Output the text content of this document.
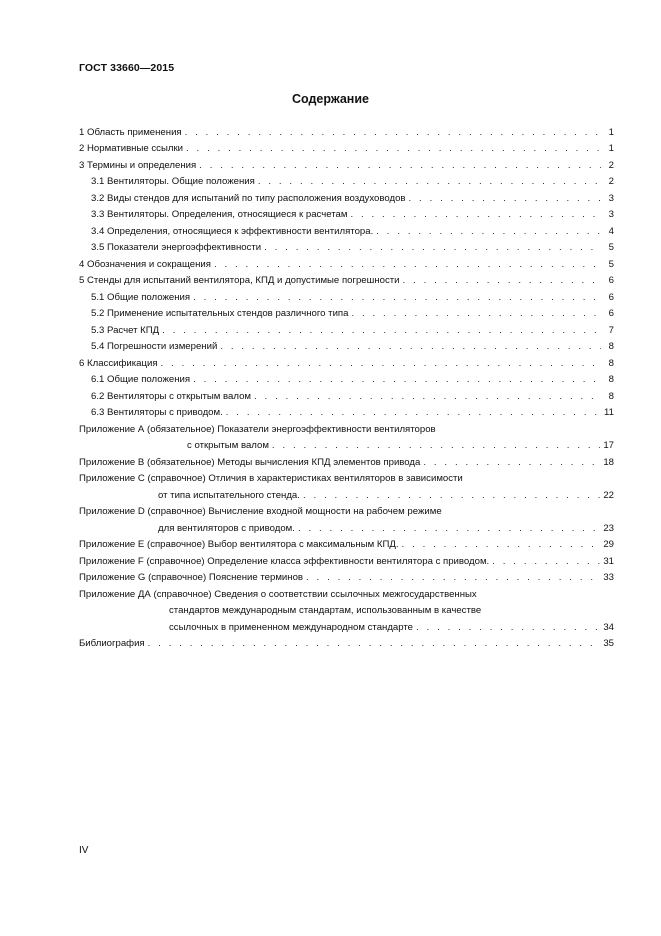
ГОСТ 33660—2015
Содержание
1 Область применения . . .	1
2 Нормативные ссылки . . .	1
3 Термины и определения . . .	2
3.1 Вентиляторы. Общие положения . . .	2
3.2 Виды стендов для испытаний по типу расположения воздуховодов . . .	3
3.3 Вентиляторы. Определения, относящиеся к расчетам . . .	3
3.4 Определения, относящиеся к эффективности вентилятора. . . .	4
3.5 Показатели энергоэффективности . . .	5
4 Обозначения и сокращения . . .	5
5 Стенды для испытаний вентилятора, КПД и допустимые погрешности . . .	6
5.1 Общие положения . . .	6
5.2 Применение испытательных стендов различного типа . . .	6
5.3 Расчет КПД . . .	7
5.4 Погрешности измерений . . .	8
6 Классификация . . .	8
6.1 Общие положения . . .	8
6.2 Вентиляторы с открытым валом . . .	8
6.3 Вентиляторы с приводом. . . .	11
Приложение А (обязательное) Показатели энергоэффективности вентиляторов
с открытым валом . . .	17
Приложение В (обязательное) Методы вычисления КПД элементов привода . . .	18
Приложение С (справочное) Отличия в характеристиках вентиляторов в зависимости
от типа испытательного стенда. . . .	22
Приложение D (справочное) Вычисление входной мощности на рабочем режиме
для вентиляторов с приводом. . . .	23
Приложение Е (справочное) Выбор вентилятора с максимальным КПД. . . .	29
Приложение F (справочное) Определение класса эффективности вентилятора с приводом. . . .	31
Приложение G (справочное) Пояснение терминов . . .	33
Приложение ДА (справочное) Сведения о соответствии ссылочных межгосударственных
стандартов международным стандартам, использованным в качестве
ссылочных в примененном международном стандарте . . .	34
Библиография . . .	35
IV
